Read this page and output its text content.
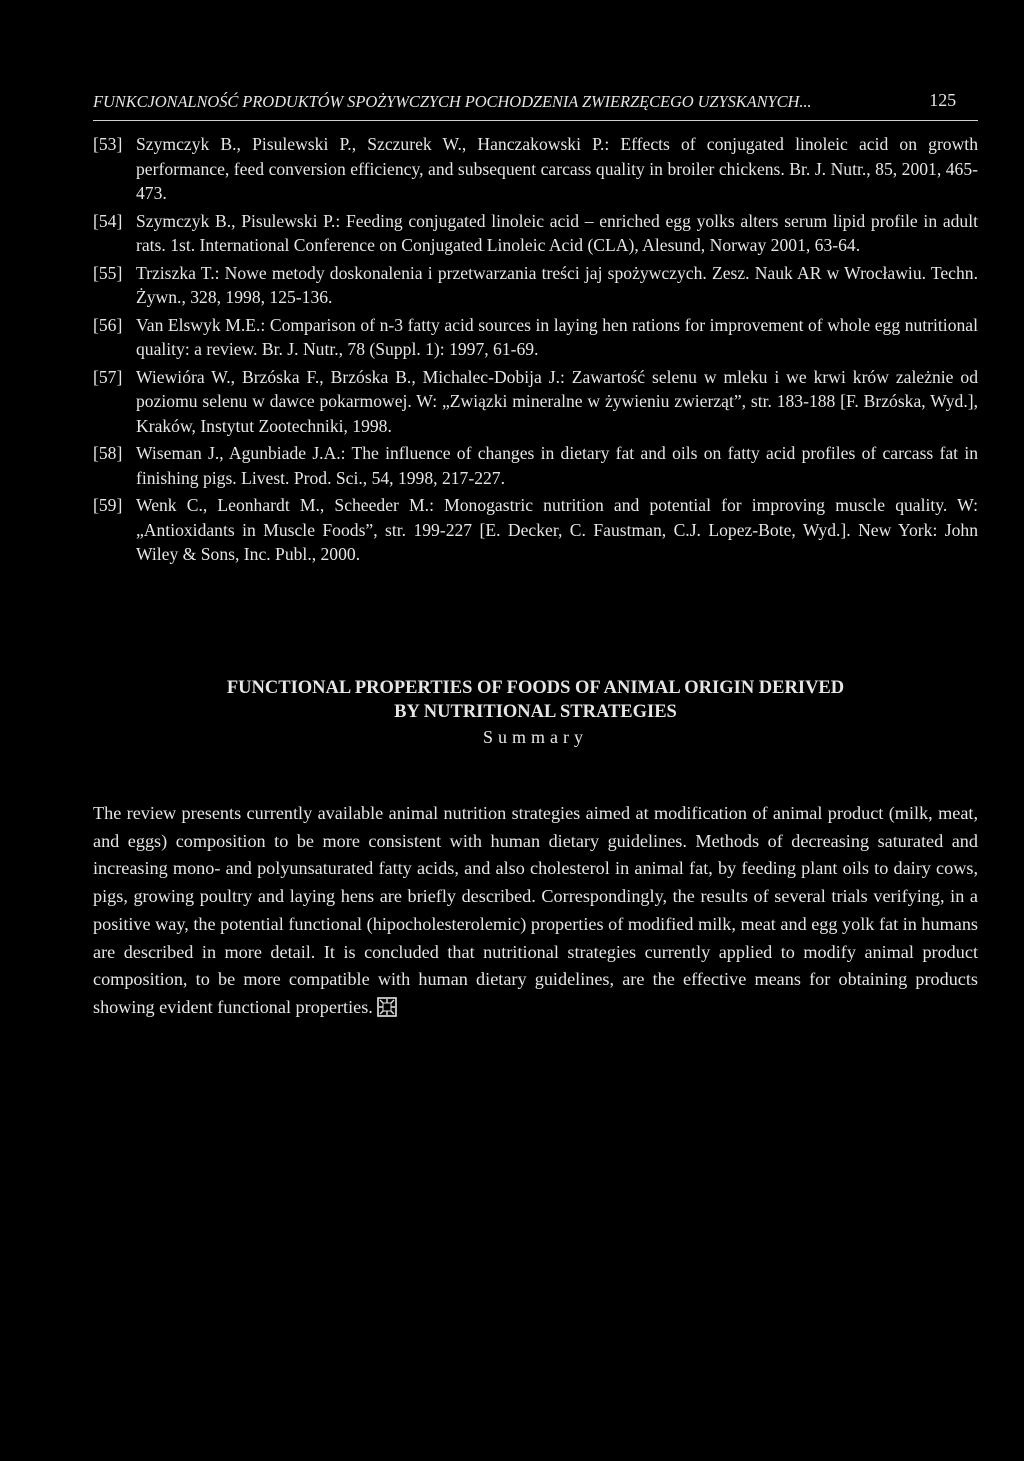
FUNKCJONALNOŚĆ PRODUKTÓW SPOŻYWCZYCH POCHODZENIA ZWIERZĘCEGO UZYSKANYCH...	125
[53] Szymczyk B., Pisulewski P., Szczurek W., Hanczakowski P.: Effects of conjugated linoleic acid on growth performance, feed conversion efficiency, and subsequent carcass quality in broiler chickens. Br. J. Nutr., 85, 2001, 465-473.
[54] Szymczyk B., Pisulewski P.: Feeding conjugated linoleic acid – enriched egg yolks alters serum lipid profile in adult rats. 1st. International Conference on Conjugated Linoleic Acid (CLA), Alesund, Norway 2001, 63-64.
[55] Trziszka T.: Nowe metody doskonalenia i przetwarzania treści jaj spożywczych. Zesz. Nauk AR w Wrocławiu. Techn. Żywn., 328, 1998, 125-136.
[56] Van Elswyk M.E.: Comparison of n-3 fatty acid sources in laying hen rations for improvement of whole egg nutritional quality: a review. Br. J. Nutr., 78 (Suppl. 1): 1997, 61-69.
[57] Wiewióra W., Brzóska F., Brzóska B., Michalec-Dobija J.: Zawartość selenu w mleku i we krwi krów zależnie od poziomu selenu w dawce pokarmowej. W: „Związki mineralne w żywieniu zwierząt”, str. 183-188 [F. Brzóska, Wyd.], Kraków, Instytut Zootechniki, 1998.
[58] Wiseman J., Agunbiade J.A.: The influence of changes in dietary fat and oils on fatty acid profiles of carcass fat in finishing pigs. Livest. Prod. Sci., 54, 1998, 217-227.
[59] Wenk C., Leonhardt M., Scheeder M.: Monogastric nutrition and potential for improving muscle quality. W: „Antioxidants in Muscle Foods”, str. 199-227 [E. Decker, C. Faustman, C.J. Lopez-Bote, Wyd.]. New York: John Wiley & Sons, Inc. Publ., 2000.
FUNCTIONAL PROPERTIES OF FOODS OF ANIMAL ORIGIN DERIVED
BY NUTRITIONAL STRATEGIES
Summary
The review presents currently available animal nutrition strategies aimed at modification of animal product (milk, meat, and eggs) composition to be more consistent with human dietary guidelines. Methods of decreasing saturated and increasing mono- and polyunsaturated fatty acids, and also cholesterol in animal fat, by feeding plant oils to dairy cows, pigs, growing poultry and laying hens are briefly described. Correspondingly, the results of several trials verifying, in a positive way, the potential functional (hipocholesterolemic) properties of modified milk, meat and egg yolk fat in humans are described in more detail. It is concluded that nutritional strategies currently applied to modify animal product composition, to be more compatible with human dietary guidelines, are the effective means for obtaining products showing evident functional properties.
